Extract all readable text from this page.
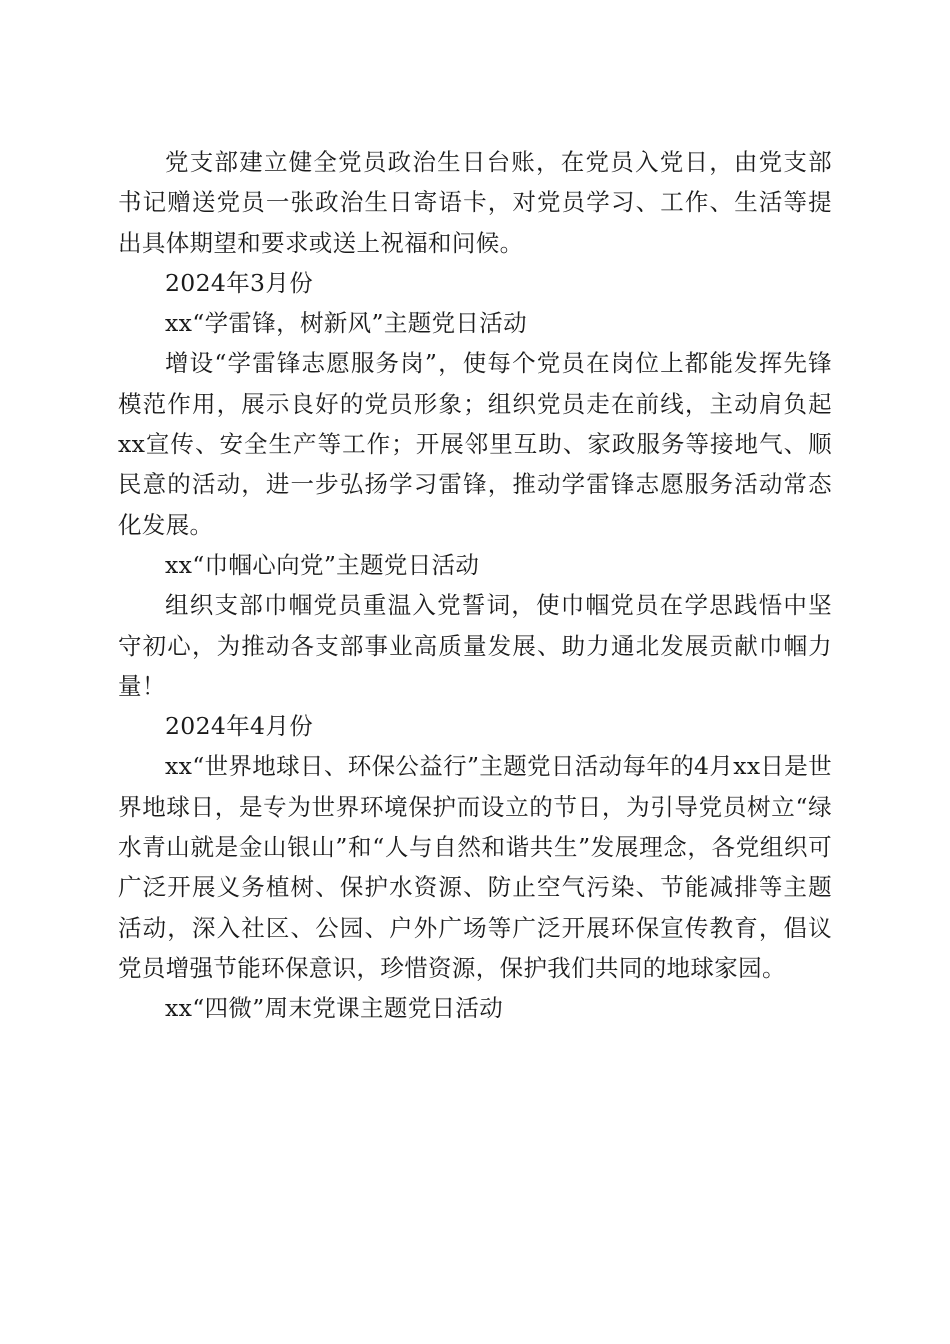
党支部建立健全党员政治生日台账，在党员入党日，由党支部书记赠送党员一张政治生日寄语卡，对党员学习、工作、生活等提出具体期望和要求或送上祝福和问候。

2024年3月份

xx“学雷锋，树新风”主题党日活动

增设“学雷锋志愿服务岗”，使每个党员在岗位上都能发挥先锋模范作用，展示良好的党员形象；组织党员走在前线，主动肩负起xx宣传、安全生产等工作；开展邻里互助、家政服务等接地气、顺民意的活动，进一步弘扬学习雷锋，推动学雷锋志愿服务活动常态化发展。

xx“巾帼心向党”主题党日活动

组织支部巾帼党员重温入党誓词，使巾帼党员在学思践悟中坚守初心，为推动各支部事业高质量发展、助力通北发展贡献巾帼力量！

2024年4月份

xx“世界地球日、环保公益行”主题党日活动每年的4月xx日是世界地球日，是专为世界环境保护而设立的节日，为引导党员树立“绿水青山就是金山银山”和“人与自然和谐共生”发展理念，各党组织可广泛开展义务植树、保护水资源、防止空气污染、节能减排等主题活动，深入社区、公园、户外广场等广泛开展环保宣传教育，倡议党员增强节能环保意识，珍惜资源，保护我们共同的地球家园。

xx“四微”周末党课主题党日活动
